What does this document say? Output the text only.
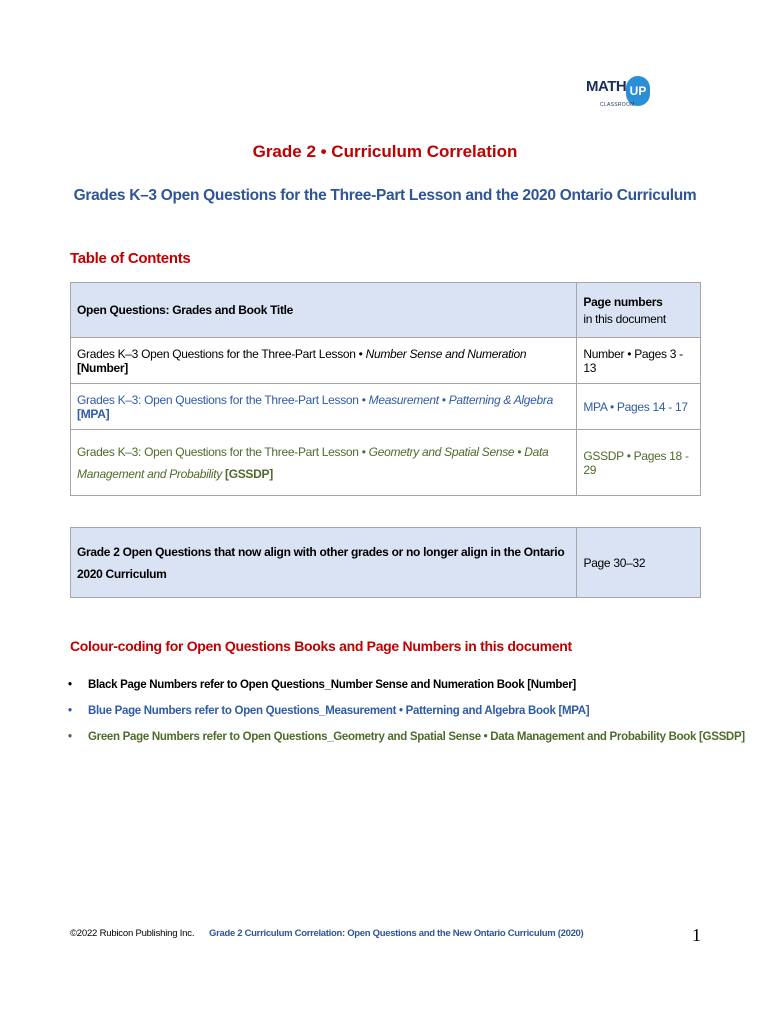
MATH UP
CLASSROOM
Grade 2 • Curriculum Correlation
Grades K–3 Open Questions for the Three-Part Lesson and the 2020 Ontario Curriculum
Table of Contents
Open Questions: Grades and Book Title	Page numbers
in this document

Grades K–3 Open Questions for the Three-Part Lesson • Number Sense and Numeration [Number]	Number • Pages 3 - 13
Grades K–3: Open Questions for the Three-Part Lesson • Measurement • Patterning & Algebra [MPA]	MPA • Pages 14 - 17
Grades K–3: Open Questions for the Three-Part Lesson • Geometry and Spatial Sense • Data Management and Probability [GSSDP]	GSSDP • Pages 18 - 29
Grade 2 Open Questions that now align with other grades or no longer align in the Ontario 2020 Curriculum	Page 30–32
Colour-coding for Open Questions Books and Page Numbers in this document
• Black Page Numbers refer to Open Questions_Number Sense and Numeration Book [Number]
• Blue Page Numbers refer to Open Questions_Measurement • Patterning and Algebra Book [MPA]
• Green Page Numbers refer to Open Questions_Geometry and Spatial Sense • Data Management and Probability Book [GSSDP]
©2022 Rubicon Publishing Inc. Grade 2 Curriculum Correlation: Open Questions and the New Ontario Curriculum (2020)	1
